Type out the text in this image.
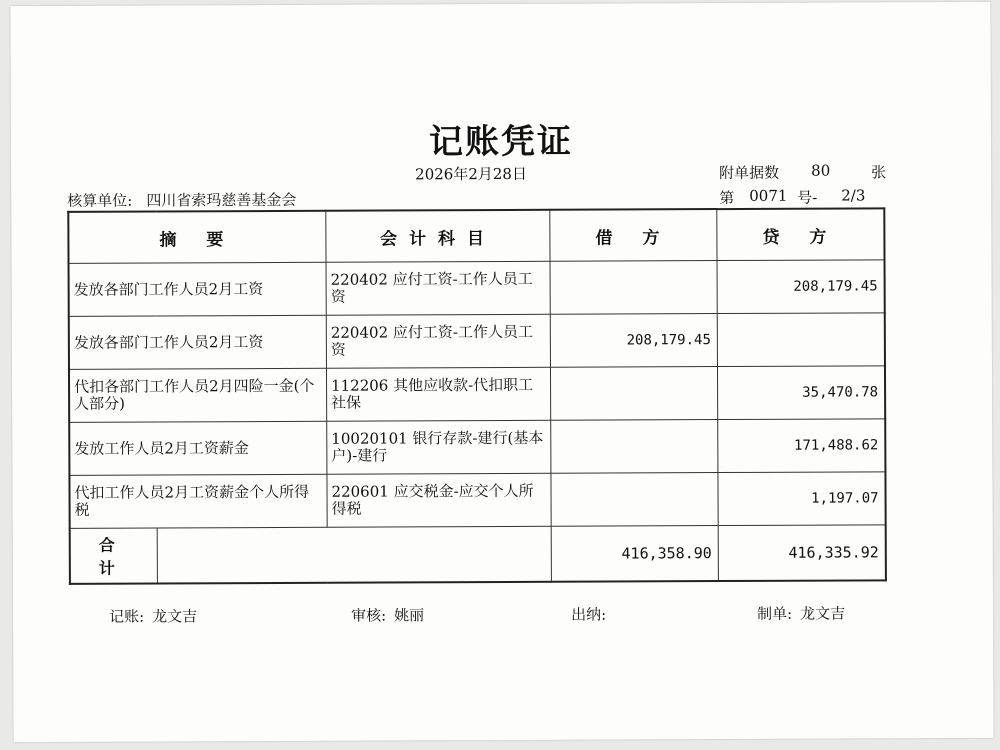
记账凭证
2026年2月28日	附单据数	80	张
核算单位: 四川省索玛慈善基金会	第 0071 号-	2/3
摘 要		会计科目	借 方	贷 方
发放各部门工作人员2月工资		220402 应付工资-工作人员工资		208,179.45
发放各部门工作人员2月工资		220402 应付工资-工作人员工资	208,179.45	
代扣各部门工作人员2月四险一金(个人部分)		112206 其他应收款-代扣职工社保		35,470.78
发放工作人员2月工资薪金		10020101 银行存款-建行(基本户)-建行		171,488.62
代扣工作人员2月工资薪金个人所得税		220601 应交税金-应交个人所得税		1,197.07
合 计			416,358.90	416,335.92
记账: 龙文吉	审核: 姚丽	出纳:	制单: 龙文吉
